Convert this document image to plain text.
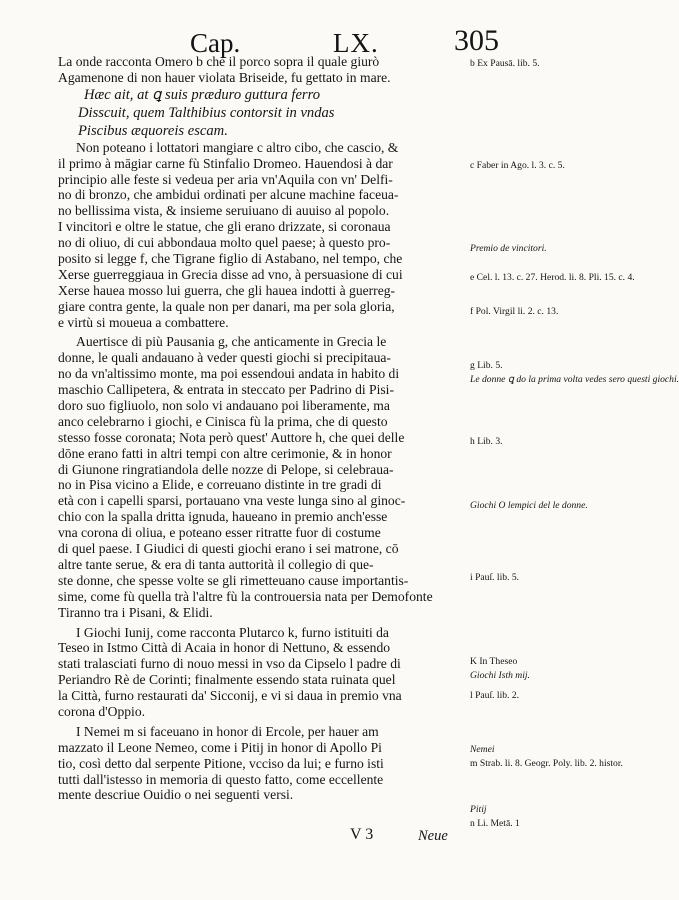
Cap.	LX.	305
La onde racconta Omero b che il porco sopra il quale giurò
Agamenone di non hauer violata Briseide, fu gettato in mare.
Hæc ait, at ꝗ suis præduro guttura ferro
Disscuit, quem Talthibius contorsit in vndas
Piscibus æquoreis escam.
Non poteano i lottatori mangiare c altro cibo, che cascio, &
il primo à māgiar carne fù Stinfalio Dromeo. Hauendosi à dar
principio alle feste si vedeua per aria vn'Aquila con vn' Delfi-
no di bronzo, che ambidui ordinati per alcune machine faceua-
no bellissima vista, & insieme seruiuano di auuiso al popolo.
I vincitori e oltre le statue, che gli erano drizzate, si coronaua
no di oliuo, di cui abbondaua molto quel paese; à questo pro-
posito si legge f, che Tigrane figlio di Astabano, nel tempo, che
Xerse guerreggiaua in Grecia disse ad vno, à persuasione di cui
Xerse hauea mosso lui guerra, che gli hauea indotti à guerreg-
giare contra gente, la quale non per danari, ma per sola gloria,
e virtù si moueua a combattere.
Auertisce di più Pausania g, che anticamente in Grecia le
donne, le quali andauano à veder questi giochi si precipitaua-
no da vn'altissimo monte, ma poi essendoui andata in habito di
maschio Callipetera, & entrata in steccato per Padrino di Pisi-
doro suo figliuolo, non solo vi andauano poi liberamente, ma
anco celebrarno i giochi, e Cinisca fù la prima, che di questo
stesso fosse coronata; Nota però quest' Auttore h, che quei delle
dōne erano fatti in altri tempi con altre cerimonie, & in honor
di Giunone ringratiandola delle nozze di Pelope, si celebraua-
no in Pisa vicino a Elide, e correuano distinte in tre gradi di
età con i capelli sparsi, portauano vna veste lunga sino al ginoc-
chio con la spalla dritta ignuda, haueano in premio anch'esse
vna corona di oliua, e poteano esser ritratte fuor di costume
di quel paese. I Giudici di questi giochi erano i sei matrone, cō
altre tante serue, & era di tanta auttorità il collegio di que-
ste donne, che spesse volte se gli rimetteuano cause importantis-
sime, come fù quella trà l'altre fù la controuersia nata per Demofonte
Tiranno tra i Pisani, & Elidi.
I Giochi Iunij, come racconta Plutarco k, furno istituiti da
Teseo in Istmo Città di Acaia in honor di Nettuno, & essendo
stati tralasciati furno di nouo messi in vso da Cipselo l padre di
Periandro Rè de Corinti; finalmente essendo stata ruinata quel
la Città, furno restaurati da' Sicconij, e vi si daua in premio vna
corona d'Oppio.
I Nemei m si faceuano in honor di Ercole, per hauer am
mazzato il Leone Nemeo, come i Pitij in honor di Apollo Pi
tio, così detto dal serpente Pitione, vcciso da lui; e furno isti
tutti dall'istesso in memoria di questo fatto, come eccellente
mente descriue Ouidio o nei seguenti versi.
b Ex Pausā. lib. 5.
c Faber in Ago. l. 3. c. 5.
Premio de vincitori.
e Cel. l. 13. c. 27. Herod. li. 8. Pli. 15. c. 4.
f Pol. Virgil li. 2. c. 13.
g Lib. 5.
Le donne ꝗ do la prima volta vedes sero questi giochi.
h Lib. 3.
Giochi O lempici del le donne.
i Pauſ. lib. 5.
K In Theseo
Giochi Isth mij.
l Pauſ. lib. 2.
Nemei
m Strab. li. 8. Geogr. Poly. lib. 2. histor.
Pitij
n Li. Metā. 1
V 3	Neue
